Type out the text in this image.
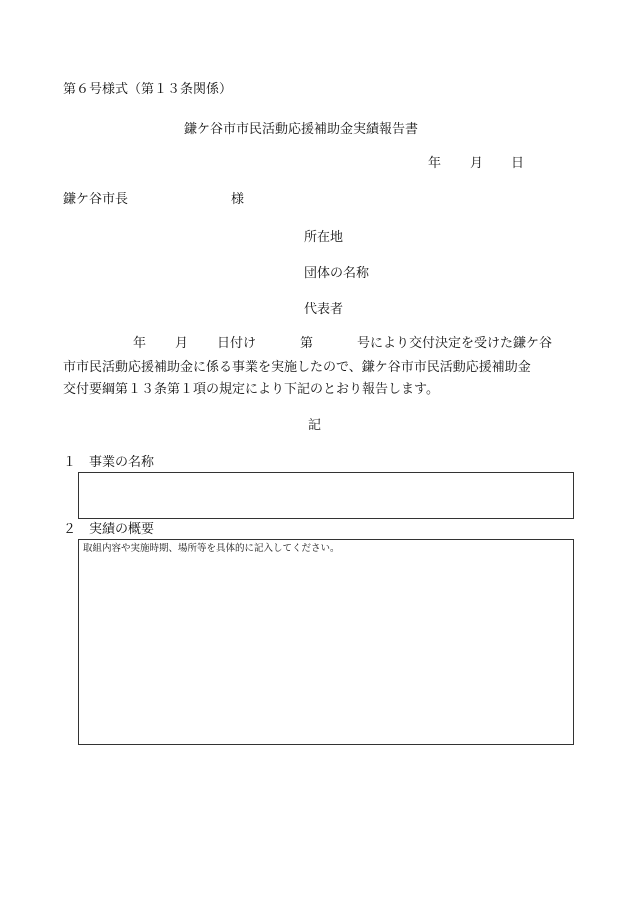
第６号様式（第１３条関係）
鎌ケ谷市市民活動応援補助金実績報告書
年 月 日
鎌ケ谷市長	様
所在地
団体の名称
代表者
年 月 日付け	第	号により交付決定を受けた鎌ケ谷
市市民活動応援補助金に係る事業を実施したので、鎌ケ谷市市民活動応援補助金
交付要綱第１３条第１項の規定により下記のとおり報告します。
記
１　事業の名称
２　実績の概要
取組内容や実施時期、場所等を具体的に記入してください。
